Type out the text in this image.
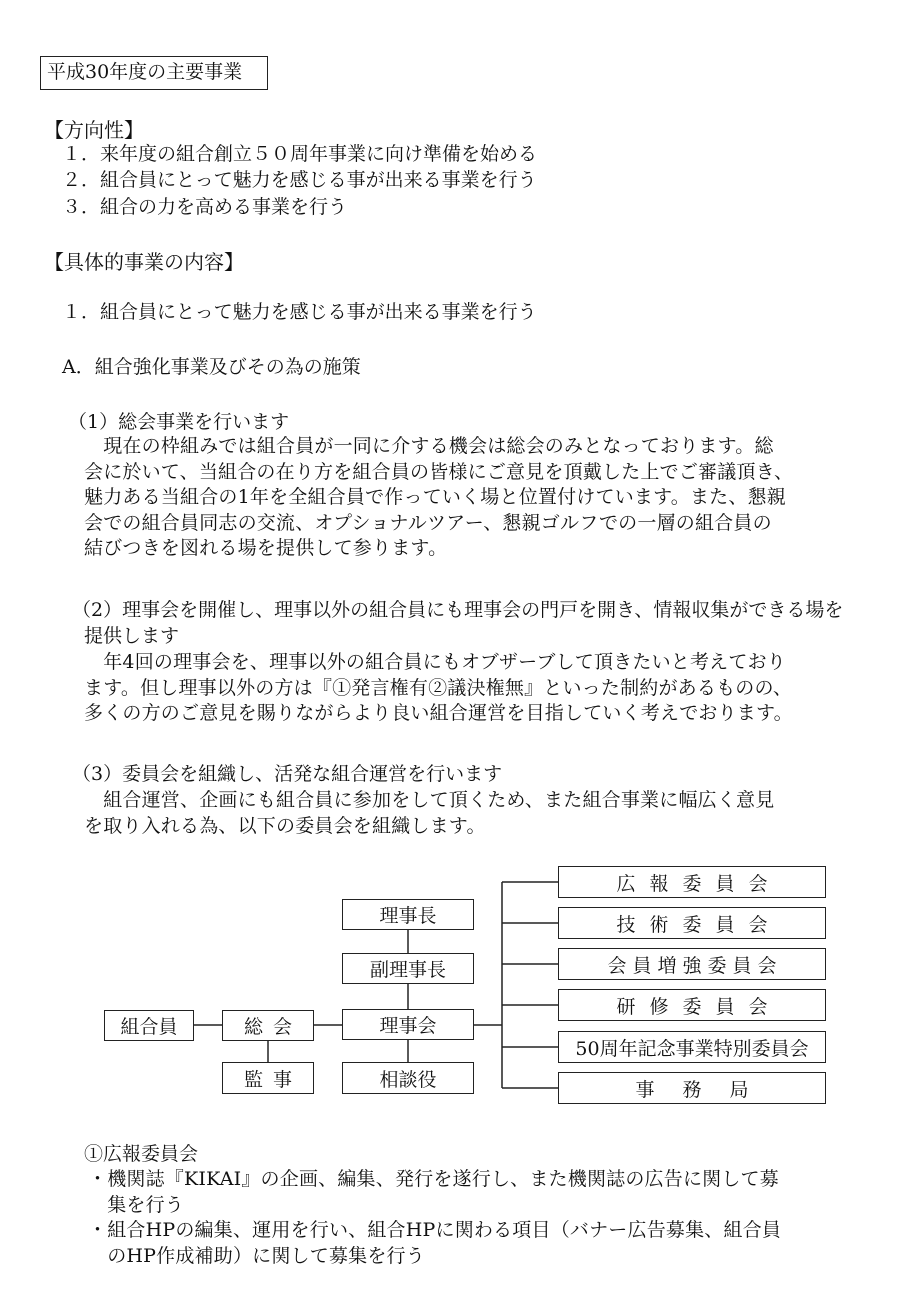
平成30年度の主要事業
【方向性】
１．来年度の組合創立５０周年事業に向け準備を始める
２．組合員にとって魅力を感じる事が出来る事業を行う
３．組合の力を高める事業を行う
【具体的事業の内容】
１．組合員にとって魅力を感じる事が出来る事業を行う
A．組合強化事業及びその為の施策
（1）総会事業を行います
　現在の枠組みでは組合員が一同に介する機会は総会のみとなっております。総
会に於いて、当組合の在り方を組合員の皆様にご意見を頂戴した上でご審議頂き、
魅力ある当組合の1年を全組合員で作っていく場と位置付けています。また、懇親
会での組合員同志の交流、オプショナルツアー、懇親ゴルフでの一層の組合員の
結びつきを図れる場を提供して参ります。
（2）理事会を開催し、理事以外の組合員にも理事会の門戸を開き、情報収集ができる場を
提供します
　年4回の理事会を、理事以外の組合員にもオブザーブして頂きたいと考えており
ます。但し理事以外の方は『①発言権有②議決権無』といった制約があるものの、
多くの方のご意見を賜りながらより良い組合運営を目指していく考えでおります。
（3）委員会を組織し、活発な組合運営を行います
　組合運営、企画にも組合員に参加をして頂くため、また組合事業に幅広く意見
を取り入れる為、以下の委員会を組織します。
組合員	総会
監事
理事長
副理事長
理事会
相談役
広報委員会
技術委員会
会員増強委員会
研修委員会
50周年記念事業特別委員会
事務局
①広報委員会
・機関誌『KIKAI』の企画、編集、発行を遂行し、また機関誌の広告に関して募
　集を行う
・組合HPの編集、運用を行い、組合HPに関わる項目（バナー広告募集、組合員
　のHP作成補助）に関して募集を行う
